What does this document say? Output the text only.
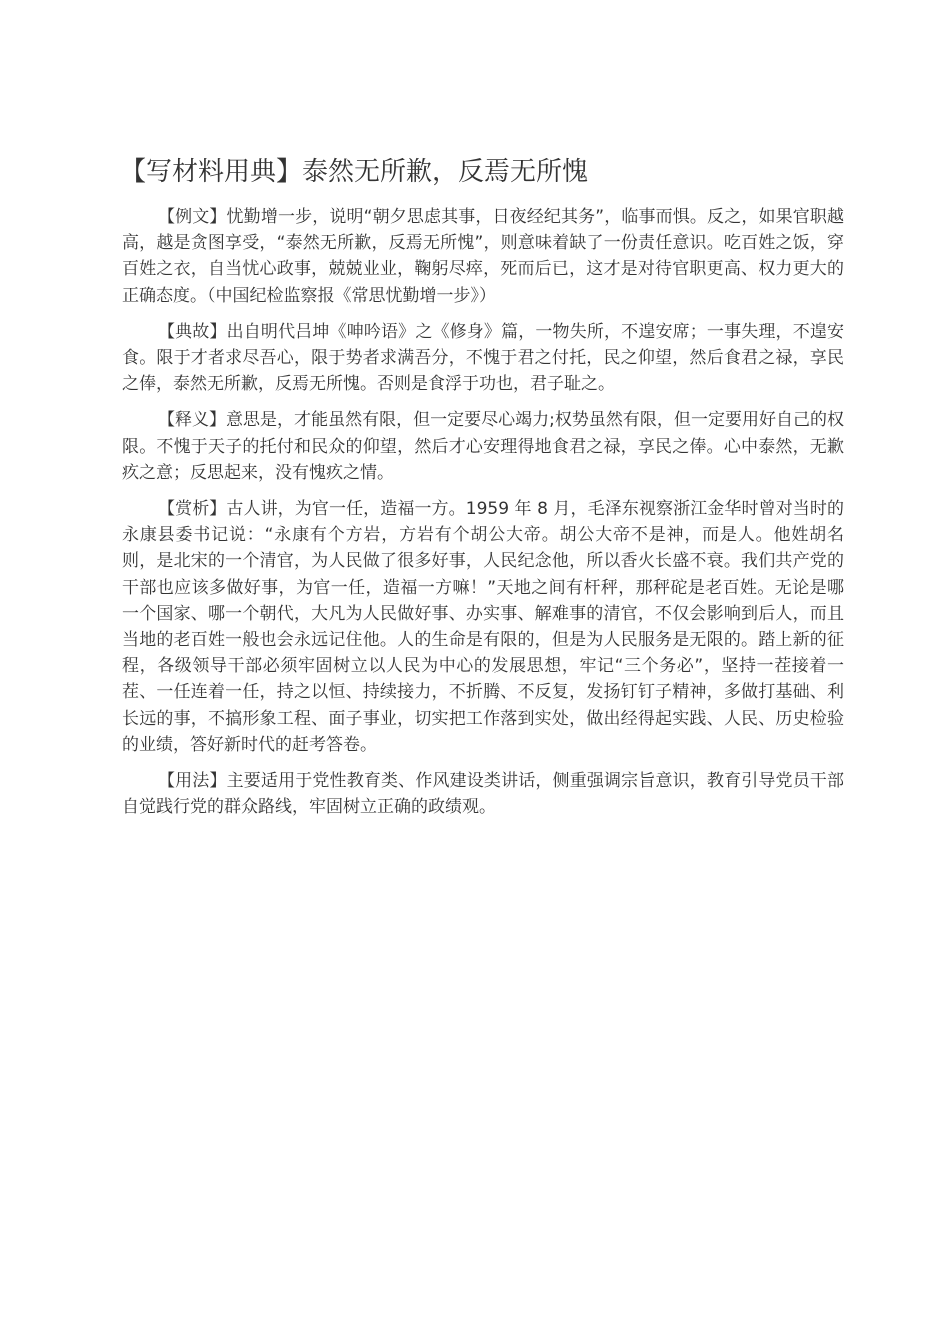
【写材料用典】泰然无所歉，反焉无所愧

【例文】忧勤增一步，说明“朝夕思虑其事，日夜经纪其务”，临事而惧。反之，如果官职越高，越是贪图享受，“泰然无所歉，反焉无所愧”，则意味着缺了一份责任意识。吃百姓之饭，穿百姓之衣，自当忧心政事，兢兢业业，鞠躬尽瘁，死而后已，这才是对待官职更高、权力更大的正确态度。（中国纪检监察报《常思忧勤增一步》）

【典故】出自明代吕坤《呻吟语》之《修身》篇，一物失所，不遑安席；一事失理，不遑安食。限于才者求尽吾心，限于势者求满吾分，不愧于君之付托，民之仰望，然后食君之禄，享民之俸，泰然无所歉，反焉无所愧。否则是食浮于功也，君子耻之。

【释义】意思是，才能虽然有限，但一定要尽心竭力;权势虽然有限，但一定要用好自己的权限。不愧于天子的托付和民众的仰望，然后才心安理得地食君之禄，享民之俸。心中泰然，无歉疚之意；反思起来，没有愧疚之情。

【赏析】古人讲，为官一任，造福一方。1959 年 8 月，毛泽东视察浙江金华时曾对当时的永康县委书记说：“永康有个方岩，方岩有个胡公大帝。胡公大帝不是神，而是人。他姓胡名则，是北宋的一个清官，为人民做了很多好事，人民纪念他，所以香火长盛不衰。我们共产党的干部也应该多做好事，为官一任，造福一方嘛！”天地之间有杆秤，那秤砣是老百姓。无论是哪一个国家、哪一个朝代，大凡为人民做好事、办实事、解难事的清官，不仅会影响到后人，而且当地的老百姓一般也会永远记住他。人的生命是有限的，但是为人民服务是无限的。踏上新的征程，各级领导干部必须牢固树立以人民为中心的发展思想，牢记“三个务必”，坚持一茬接着一茬、一任连着一任，持之以恒、持续接力，不折腾、不反复，发扬钉钉子精神，多做打基础、利长远的事，不搞形象工程、面子事业，切实把工作落到实处，做出经得起实践、人民、历史检验的业绩，答好新时代的赶考答卷。

【用法】主要适用于党性教育类、作风建设类讲话，侧重强调宗旨意识，教育引导党员干部自觉践行党的群众路线，牢固树立正确的政绩观。
